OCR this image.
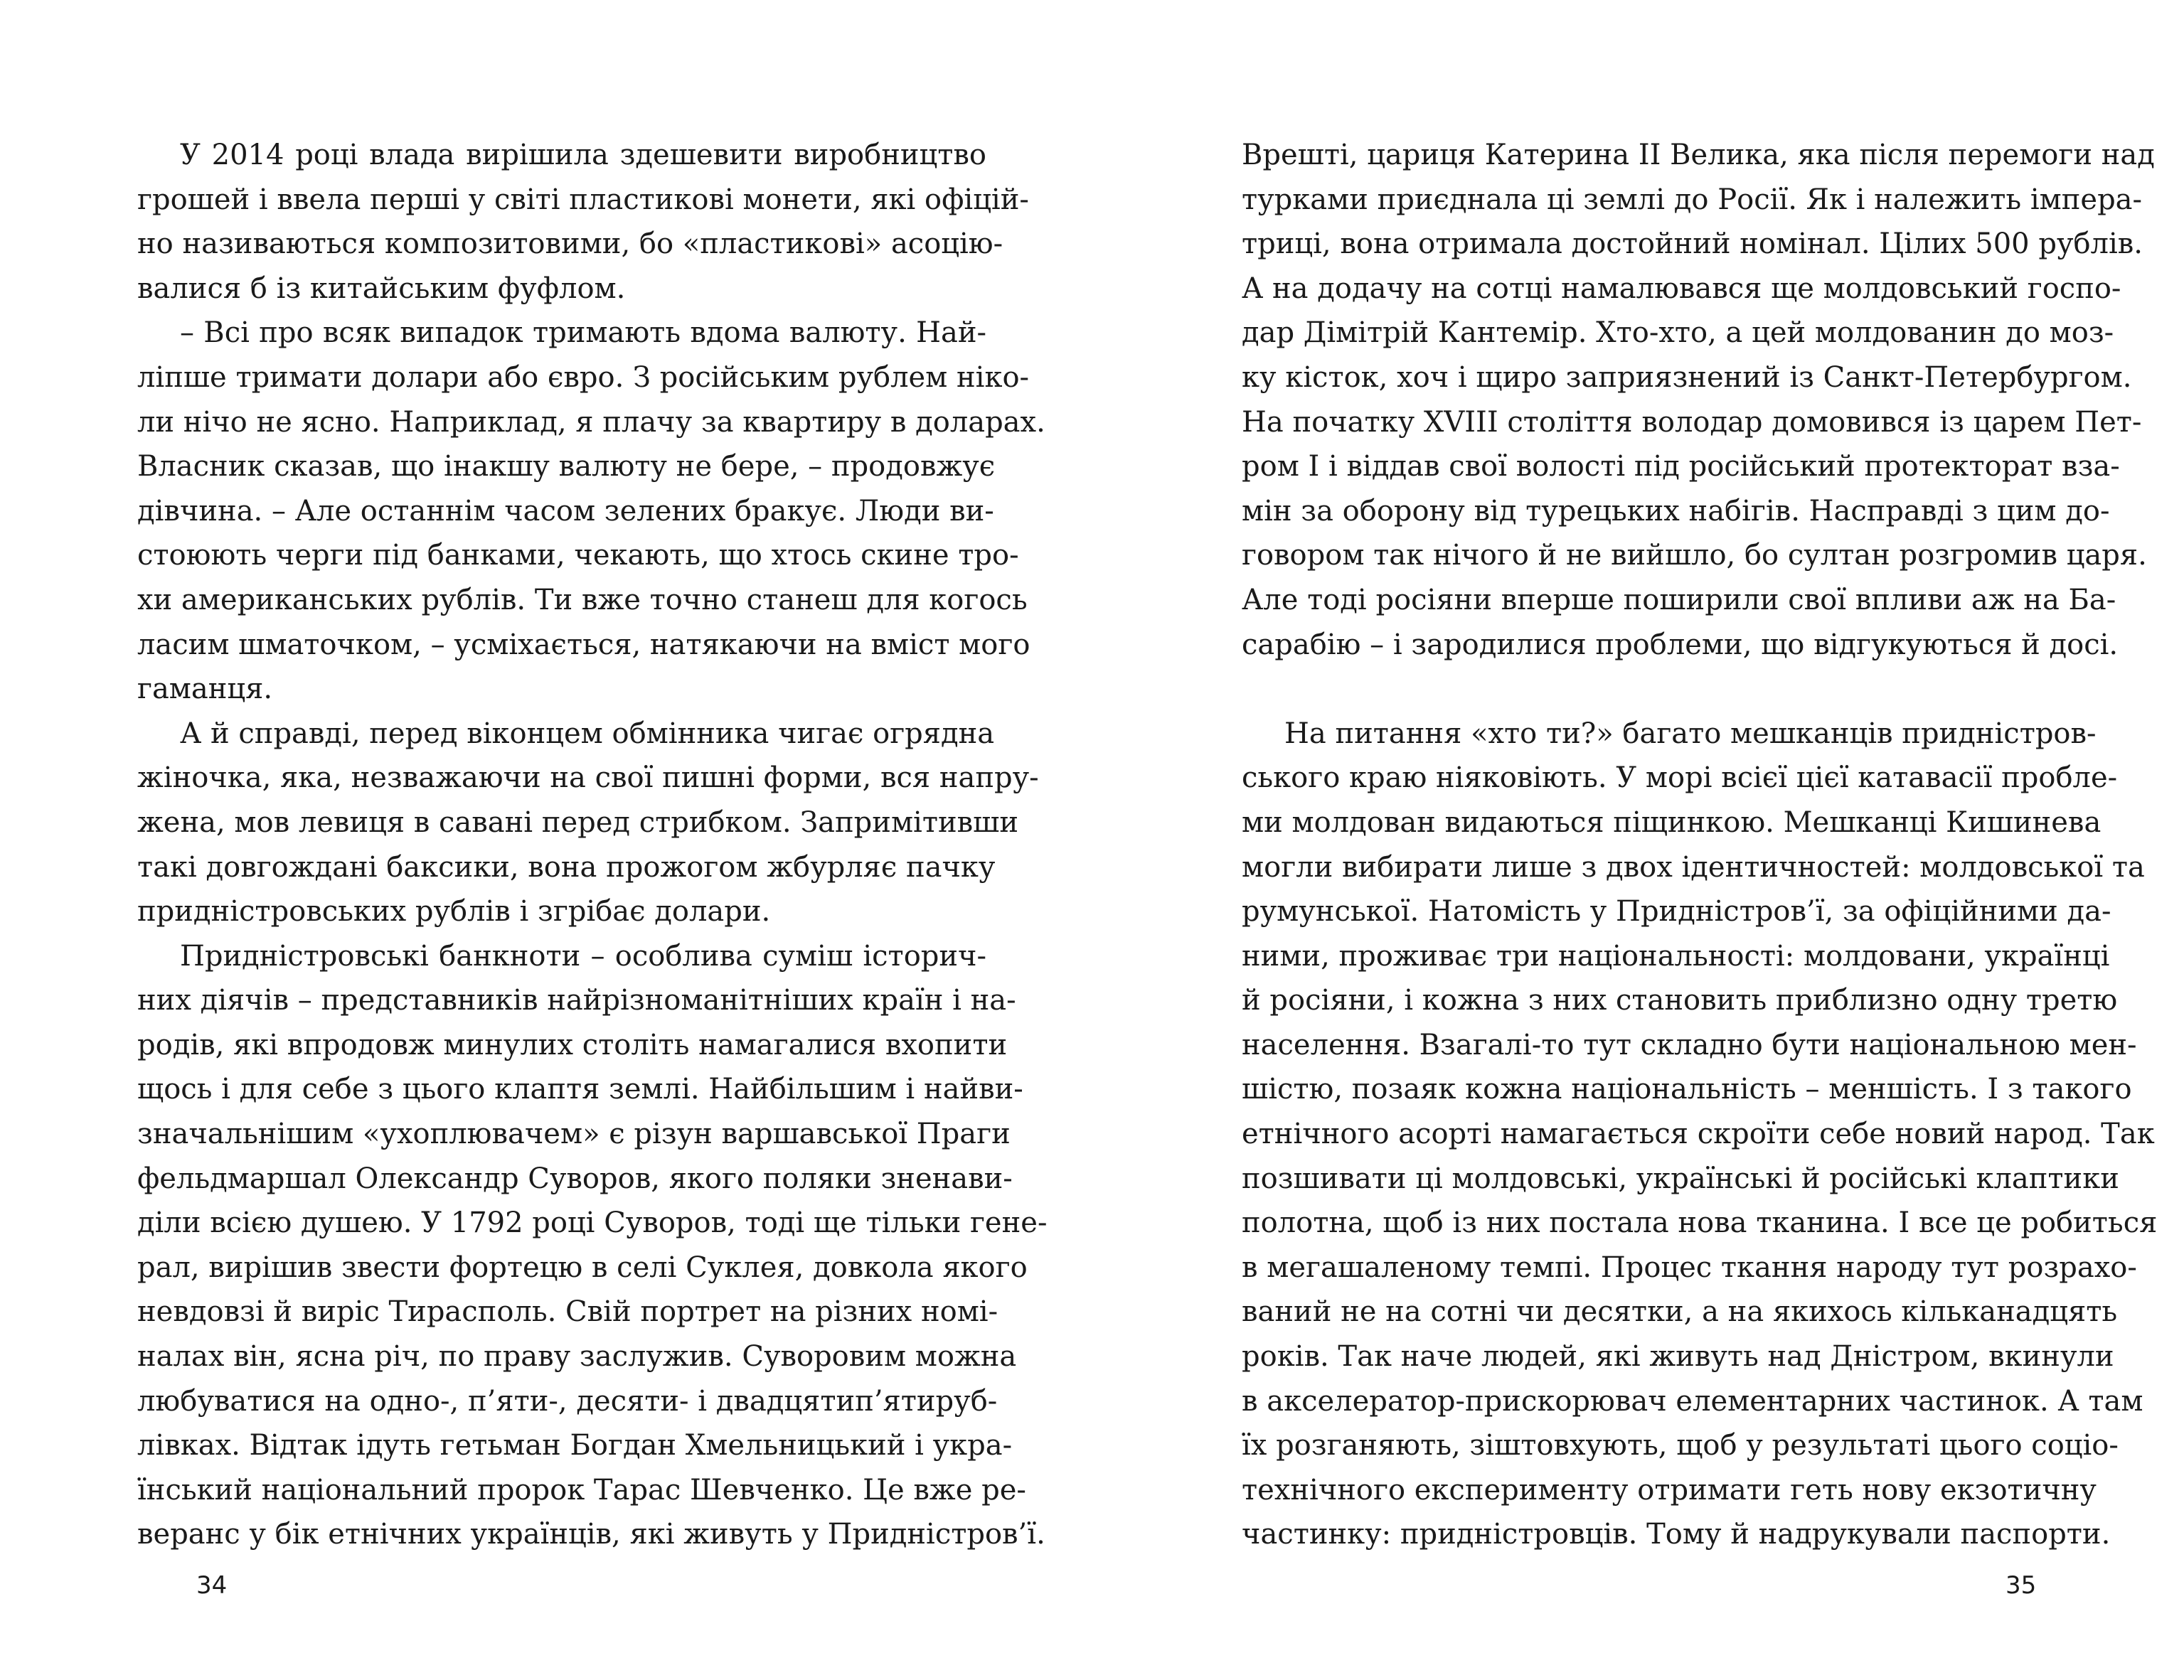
У 2014 році влада вирішила здешевити виробництво
грошей і ввела перші у світі пластикові монети, які офіцій-
но називаються композитовими, бо «пластикові» асоцію-
валися б із китайським фуфлом.
– Всі про всяк випадок тримають вдома валюту. Най-
ліпше тримати долари або євро. З російським рублем ніко-
ли нічо не ясно. Наприклад, я плачу за квартиру в доларах.
Власник сказав, що інакшу валюту не бере, – продовжує
дівчина. – Але останнім часом зелених бракує. Люди ви-
стоюють черги під банками, чекають, що хтось скине тро-
хи американських рублів. Ти вже точно станеш для когось
ласим шматочком, – усміхається, натякаючи на вміст мого
гаманця.
А й справді, перед віконцем обмінника чигає огрядна
жіночка, яка, незважаючи на свої пишні форми, вся напру-
жена, мов левиця в савані перед стрибком. Запримітивши
такі довгождані баксики, вона прожогом жбурляє пачку
придністровських рублів і згрібає долари.
Придністровські банкноти – особлива суміш історич-
них діячів – представників найрізноманітніших країн і на-
родів, які впродовж минулих століть намагалися вхопити
щось і для себе з цього клаптя землі. Найбільшим і найви-
значальнішим «ухоплювачем» є різун варшавської Праги
фельдмаршал Олександр Суворов, якого поляки зненави-
діли всією душею. У 1792 році Суворов, тоді ще тільки гене-
рал, вирішив звести фортецю в селі Суклея, довкола якого
невдовзі й виріс Тирасполь. Свій портрет на різних номі-
налах він, ясна річ, по праву заслужив. Суворовим можна
любуватися на одно-, п’яти-, десяти- і двадцятип’ятируб-
лівках. Відтак ідуть гетьман Богдан Хмельницький і укра-
їнський національний пророк Тарас Шевченко. Це вже ре-
веранс у бік етнічних українців, які живуть у Придністров’ї.
34
Врешті, цариця Катерина II Велика, яка після перемоги над
турками приєднала ці землі до Росії. Як і належить імпера-
триці, вона отримала достойний номінал. Цілих 500 рублів.
А на додачу на сотці намалювався ще молдовський госпо-
дар Дімітрій Кантемір. Хто-хто, а цей молдованин до моз-
ку кісток, хоч і щиро заприязнений із Санкт-Петербургом.
На початку XVIII століття володар домовився із царем Пет-
ром I і віддав свої волості під російський протекторат вза-
мін за оборону від турецьких набігів. Насправді з цим до-
говором так нічого й не вийшло, бо султан розгромив царя.
Але тоді росіяни вперше поширили свої впливи аж на Ба-
сарабію – і зародилися проблеми, що відгукуються й досі.
На питання «хто ти?» багато мешканців придністров-
ського краю ніяковіють. У морі всієї цієї катавасії пробле-
ми молдован видаються піщинкою. Мешканці Кишинева
могли вибирати лише з двох ідентичностей: молдовської та
румунської. Натомість у Придністров’ї, за офіційними да-
ними, проживає три національності: молдовани, українці
й росіяни, і кожна з них становить приблизно одну третю
населення. Взагалі-то тут складно бути національною мен-
шістю, позаяк кожна національність – меншість. І з такого
етнічного асорті намагається скроїти себе новий народ. Так
позшивати ці молдовські, українські й російські клаптики
полотна, щоб із них постала нова тканина. І все це робиться
в мегашаленому темпі. Процес ткання народу тут розрахо-
ваний не на сотні чи десятки, а на якихось кільканадцять
років. Так наче людей, які живуть над Дністром, вкинули
в акселератор-прискорювач елементарних частинок. А там
їх розганяють, зіштовхують, щоб у результаті цього соціо-
технічного експерименту отримати геть нову екзотичну
частинку: придністровців. Тому й надрукували паспорти.
35
